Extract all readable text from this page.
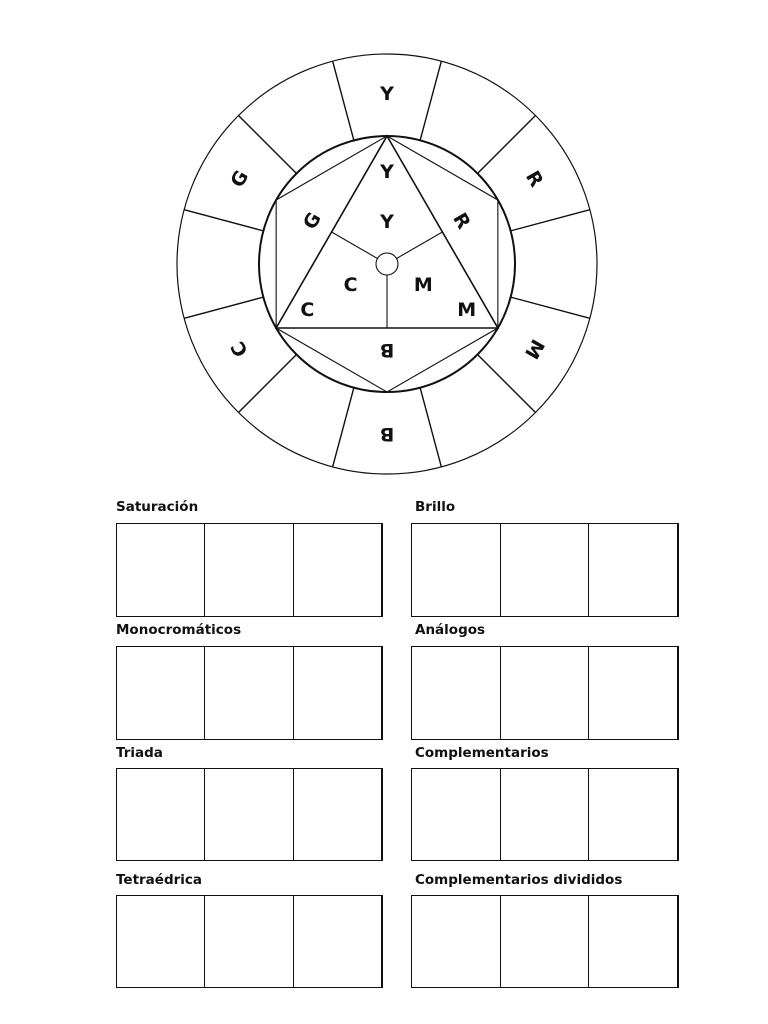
Y
R
M
B
C
G	Y
R
M
B
C
G	Y
M
C
Saturación	Brillo
Monocromáticos	Análogos
Triada	Complementarios
Tetraédrica	Complementarios divididos
